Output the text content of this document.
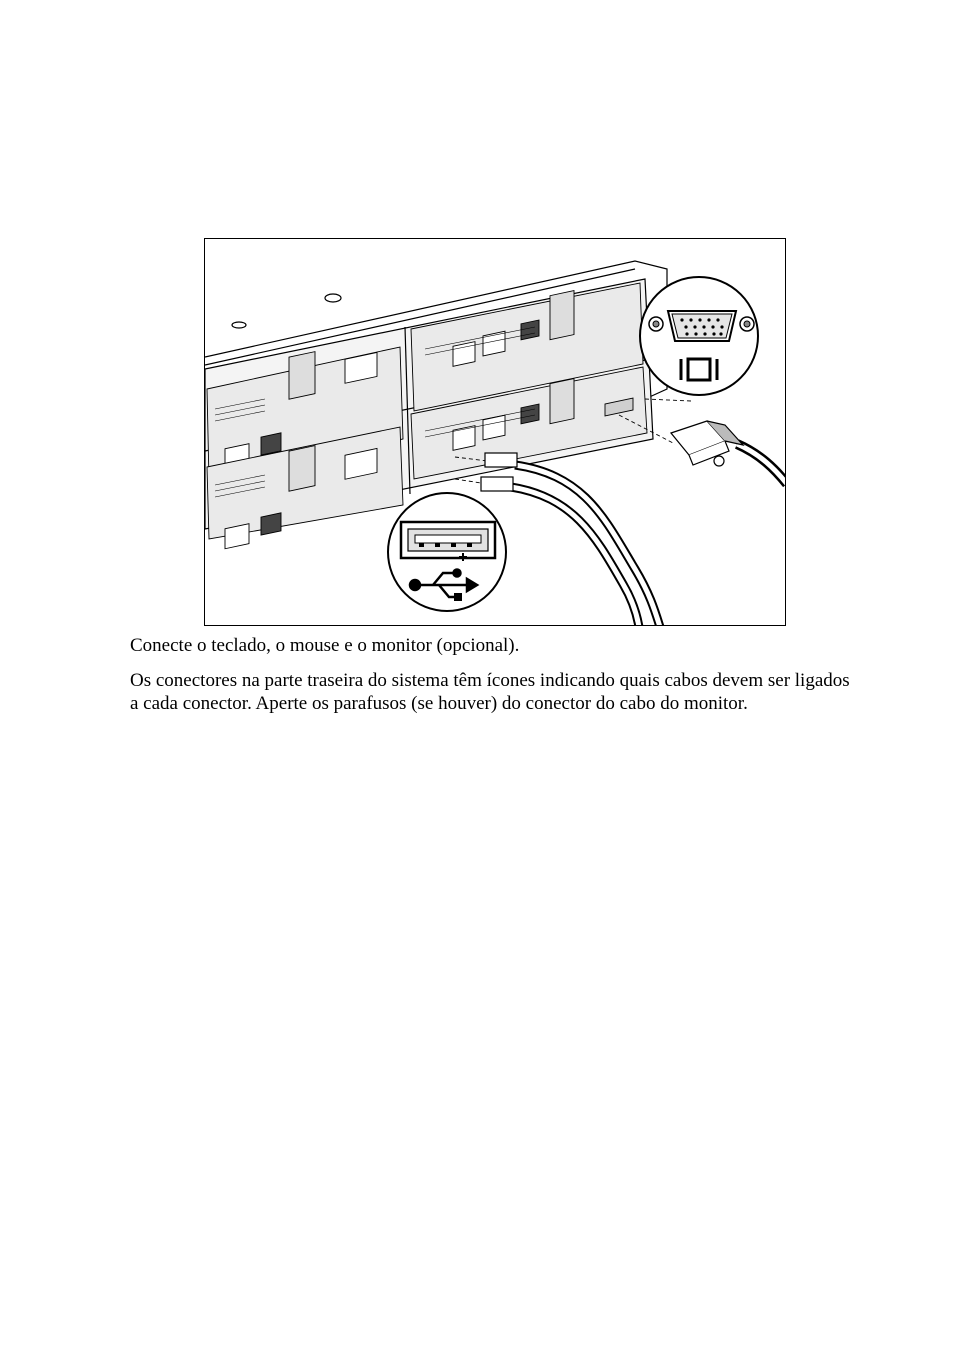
Conecte o teclado, o mouse e o monitor (opcional).
Os conectores na parte traseira do sistema têm ícones indicando quais cabos devem ser ligados a cada conector. Aperte os parafusos (se houver) do conector do cabo do monitor.
